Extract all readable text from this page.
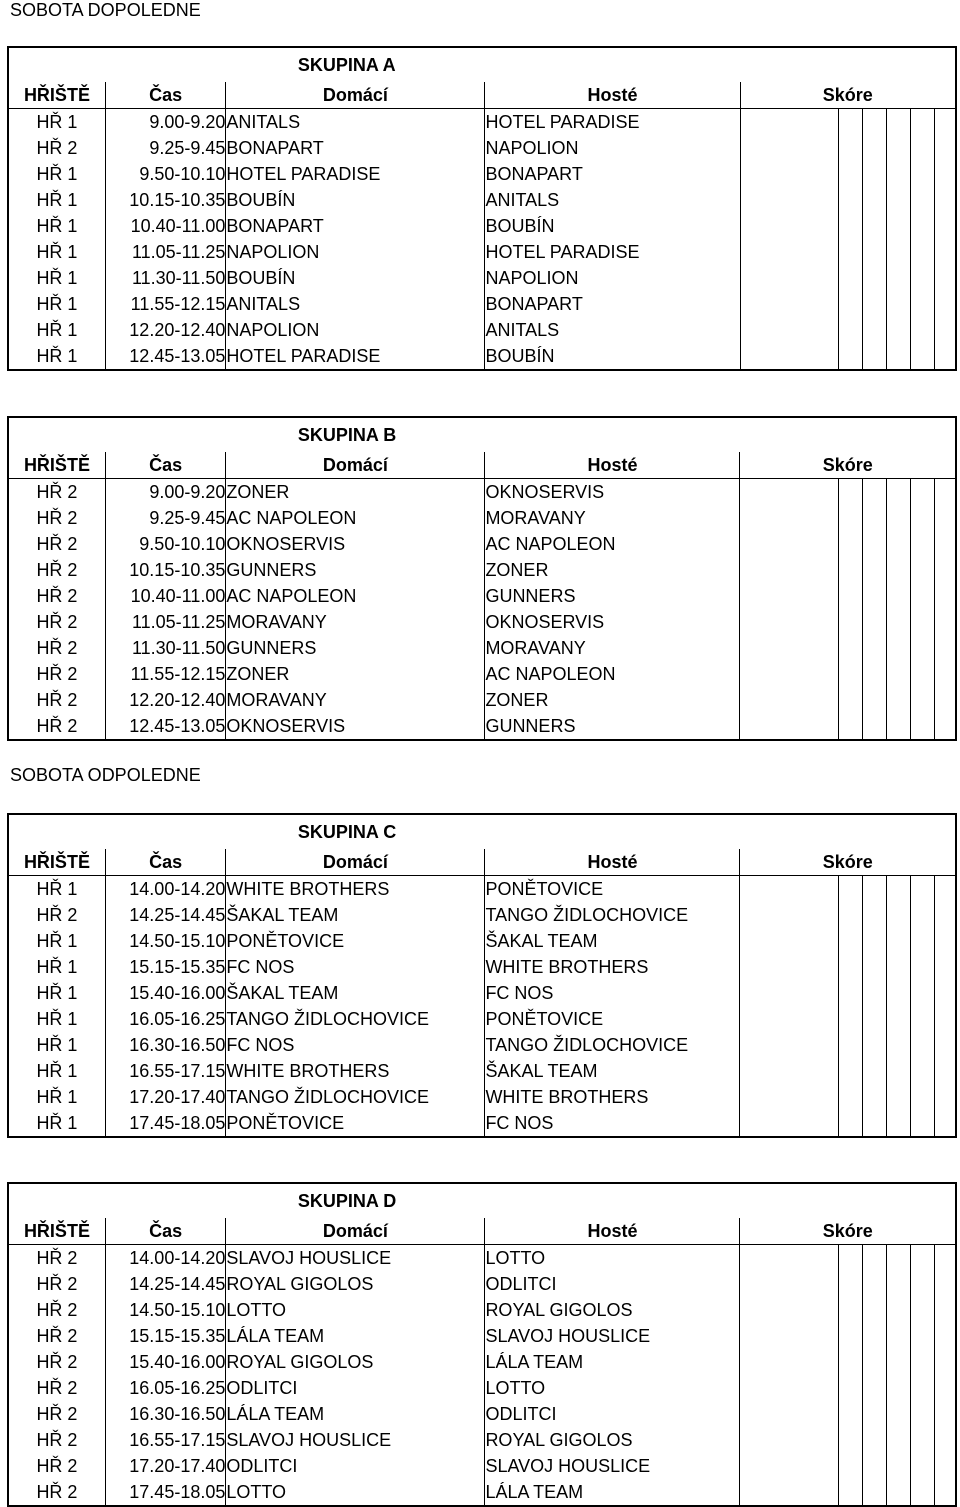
SOBOTA DOPOLEDNE
		SKUPINA A							
HŘIŠTĚ	Čas	Domácí	Hosté	Skóre					
HŘ 1	9.00-9.20	ANITALS	HOTEL PARADISE						
HŘ 2	9.25-9.45	BONAPART	NAPOLION						
HŘ 1	9.50-10.10	HOTEL PARADISE	BONAPART						
HŘ 1	10.15-10.35	BOUBÍN	ANITALS						
HŘ 1	10.40-11.00	BONAPART	BOUBÍN						
HŘ 1	11.05-11.25	NAPOLION	HOTEL PARADISE						
HŘ 1	11.30-11.50	BOUBÍN	NAPOLION						
HŘ 1	11.55-12.15	ANITALS	BONAPART						
HŘ 1	12.20-12.40	NAPOLION	ANITALS						
HŘ 1	12.45-13.05	HOTEL PARADISE	BOUBÍN						
		SKUPINA B							
HŘIŠTĚ	Čas	Domácí	Hosté	Skóre					
HŘ 2	9.00-9.20	ZONER	OKNOSERVIS						
HŘ 2	9.25-9.45	AC NAPOLEON	MORAVANY						
HŘ 2	9.50-10.10	OKNOSERVIS	AC NAPOLEON						
HŘ 2	10.15-10.35	GUNNERS	ZONER						
HŘ 2	10.40-11.00	AC NAPOLEON	GUNNERS						
HŘ 2	11.05-11.25	MORAVANY	OKNOSERVIS						
HŘ 2	11.30-11.50	GUNNERS	MORAVANY						
HŘ 2	11.55-12.15	ZONER	AC NAPOLEON						
HŘ 2	12.20-12.40	MORAVANY	ZONER						
HŘ 2	12.45-13.05	OKNOSERVIS	GUNNERS						
SOBOTA ODPOLEDNE
		SKUPINA C							
HŘIŠTĚ	Čas	Domácí	Hosté	Skóre					
HŘ 1	14.00-14.20	WHITE BROTHERS	PONĚTOVICE						
HŘ 2	14.25-14.45	ŠAKAL TEAM	TANGO ŽIDLOCHOVICE						
HŘ 1	14.50-15.10	PONĚTOVICE	ŠAKAL TEAM						
HŘ 1	15.15-15.35	FC NOS	WHITE BROTHERS						
HŘ 1	15.40-16.00	ŠAKAL TEAM	FC NOS						
HŘ 1	16.05-16.25	TANGO ŽIDLOCHOVICE	PONĚTOVICE						
HŘ 1	16.30-16.50	FC NOS	TANGO ŽIDLOCHOVICE						
HŘ 1	16.55-17.15	WHITE BROTHERS	ŠAKAL TEAM						
HŘ 1	17.20-17.40	TANGO ŽIDLOCHOVICE	WHITE BROTHERS						
HŘ 1	17.45-18.05	PONĚTOVICE	FC NOS						
		SKUPINA D							
HŘIŠTĚ	Čas	Domácí	Hosté	Skóre					
HŘ 2	14.00-14.20	SLAVOJ HOUSLICE	LOTTO						
HŘ 2	14.25-14.45	ROYAL GIGOLOS	ODLITCI						
HŘ 2	14.50-15.10	LOTTO	ROYAL GIGOLOS						
HŘ 2	15.15-15.35	LÁLA TEAM	SLAVOJ HOUSLICE						
HŘ 2	15.40-16.00	ROYAL GIGOLOS	LÁLA TEAM						
HŘ 2	16.05-16.25	ODLITCI	LOTTO						
HŘ 2	16.30-16.50	LÁLA TEAM	ODLITCI						
HŘ 2	16.55-17.15	SLAVOJ HOUSLICE	ROYAL GIGOLOS						
HŘ 2	17.20-17.40	ODLITCI	SLAVOJ HOUSLICE						
HŘ 2	17.45-18.05	LOTTO	LÁLA TEAM						
